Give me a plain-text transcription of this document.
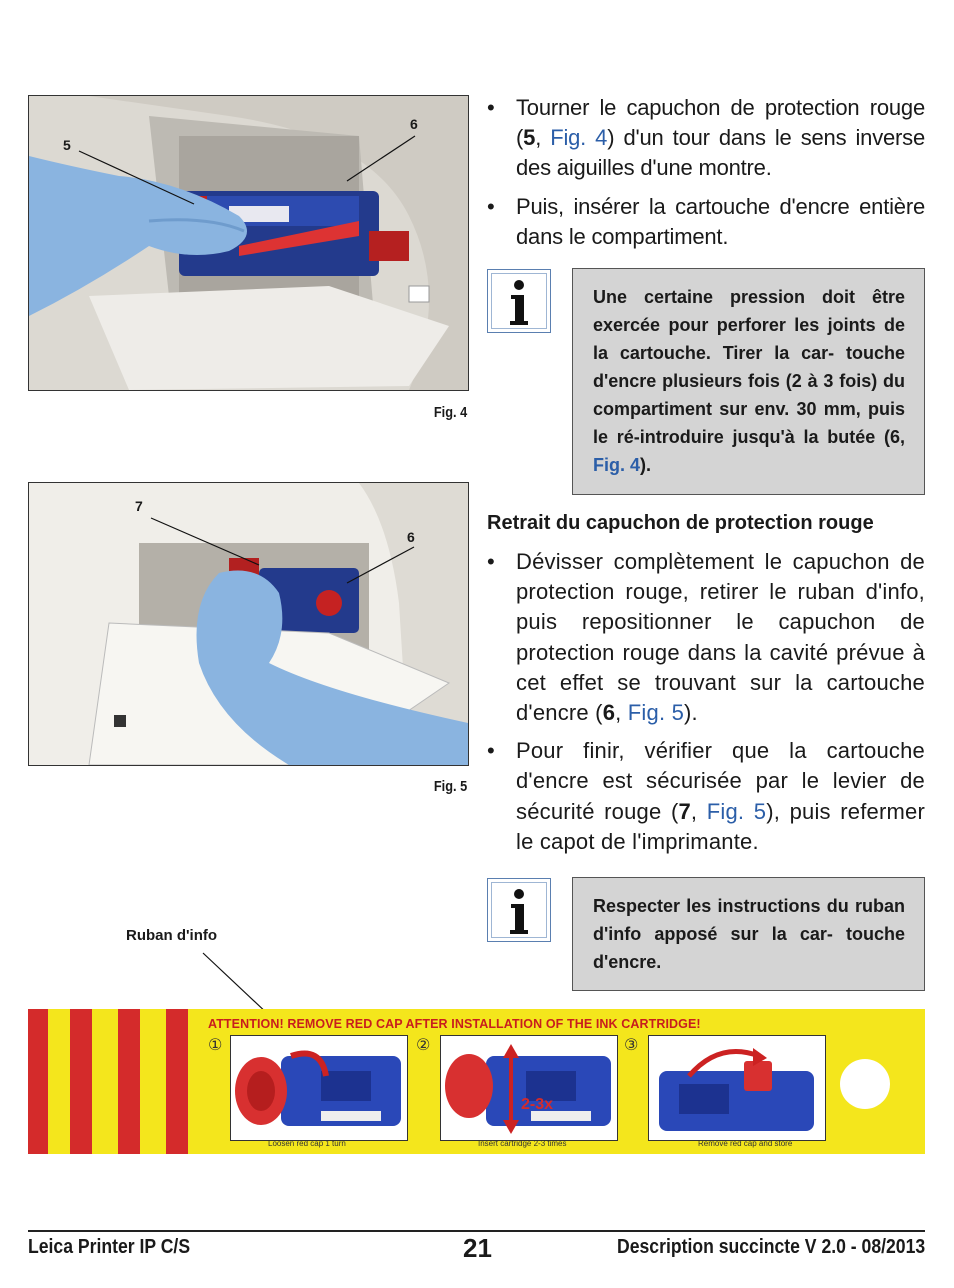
5
6
Fig. 4
7
6
Fig. 5
• Tourner le capuchon de protection rouge (5, Fig. 4) d'un tour dans le sens inverse des aiguilles d'une montre.
• Puis, insérer la cartouche d'encre entière dans le compartiment.
Une certaine pression doit être exercée pour perforer les joints de la cartouche. Tirer la car- touche d'encre plusieurs fois (2 à 3 fois) du compartiment sur env. 30 mm, puis le ré-introduire jusqu'à la butée (6, Fig. 4).
Retrait du capuchon de protection rouge
• Dévisser complètement le capuchon de protection rouge, retirer le ruban d'info, puis repositionner le capuchon de protection rouge dans la cavité prévue à cet effet se trouvant sur la cartouche d'encre (6, Fig. 5).
• Pour finir, vérifier que la cartouche d'encre est sécurisée par le levier de sécurité rouge (7, Fig. 5), puis refermer le capot de l'imprimante.
Respecter les instructions du ruban d'info apposé sur la car- touche d'encre.
Ruban d'info
ATTENTION! REMOVE RED CAP AFTER INSTALLATION OF THE INK CARTRIDGE!
①
Loosen red cap 1 turn
②
2-3x
Insert cartridge 2-3 times
③
Remove red cap and store
Leica Printer IP C/S	21	Description succincte V 2.0 - 08/2013
